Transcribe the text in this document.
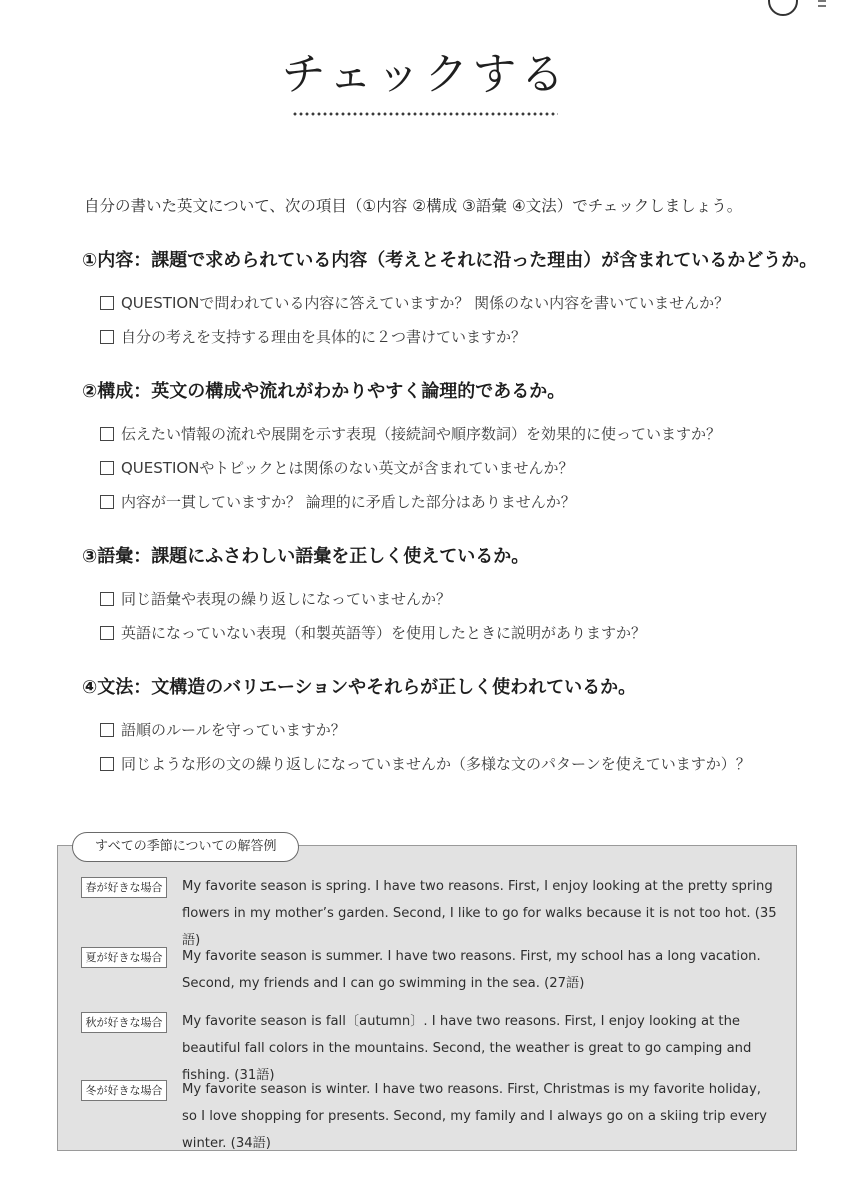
チェックする

自分の書いた英文について、次の項目（①内容 ②構成 ③語彙 ④文法）でチェックしましょう。

①内容：課題で求められている内容（考えとそれに沿った理由）が含まれているかどうか。
QUESTIONで問われている内容に答えていますか？ 関係のない内容を書いていませんか？
自分の考えを支持する理由を具体的に２つ書けていますか？
②構成：英文の構成や流れがわかりやすく論理的であるか。
伝えたい情報の流れや展開を示す表現（接続詞や順序数詞）を効果的に使っていますか？
QUESTIONやトピックとは関係のない英文が含まれていませんか？
内容が一貫していますか？ 論理的に矛盾した部分はありませんか？
③語彙：課題にふさわしい語彙を正しく使えているか。
同じ語彙や表現の繰り返しになっていませんか？
英語になっていない表現（和製英語等）を使用したときに説明がありますか？
④文法：文構造のバリエーションやそれらが正しく使われているか。
語順のルールを守っていますか？
同じような形の文の繰り返しになっていませんか（多様な文のパターンを使えていますか）？
すべての季節についての解答例
春が好きな場合	My favorite season is spring. I have two reasons. First, I enjoy looking at the pretty spring flowers in my mother’s garden. Second, I like to go for walks because it is not too hot. (35語)

夏が好きな場合	My favorite season is summer. I have two reasons. First, my school has a long vacation. Second, my friends and I can go swimming in the sea. (27語)

秋が好きな場合	My favorite season is fall〔autumn〕. I have two reasons. First, I enjoy looking at the beautiful fall colors in the mountains. Second, the weather is great to go camping and fishing. (31語)

冬が好きな場合	My favorite season is winter. I have two reasons. First, Christmas is my favorite holiday, so I love shopping for presents. Second, my family and I always go on a skiing trip every winter. (34語)
